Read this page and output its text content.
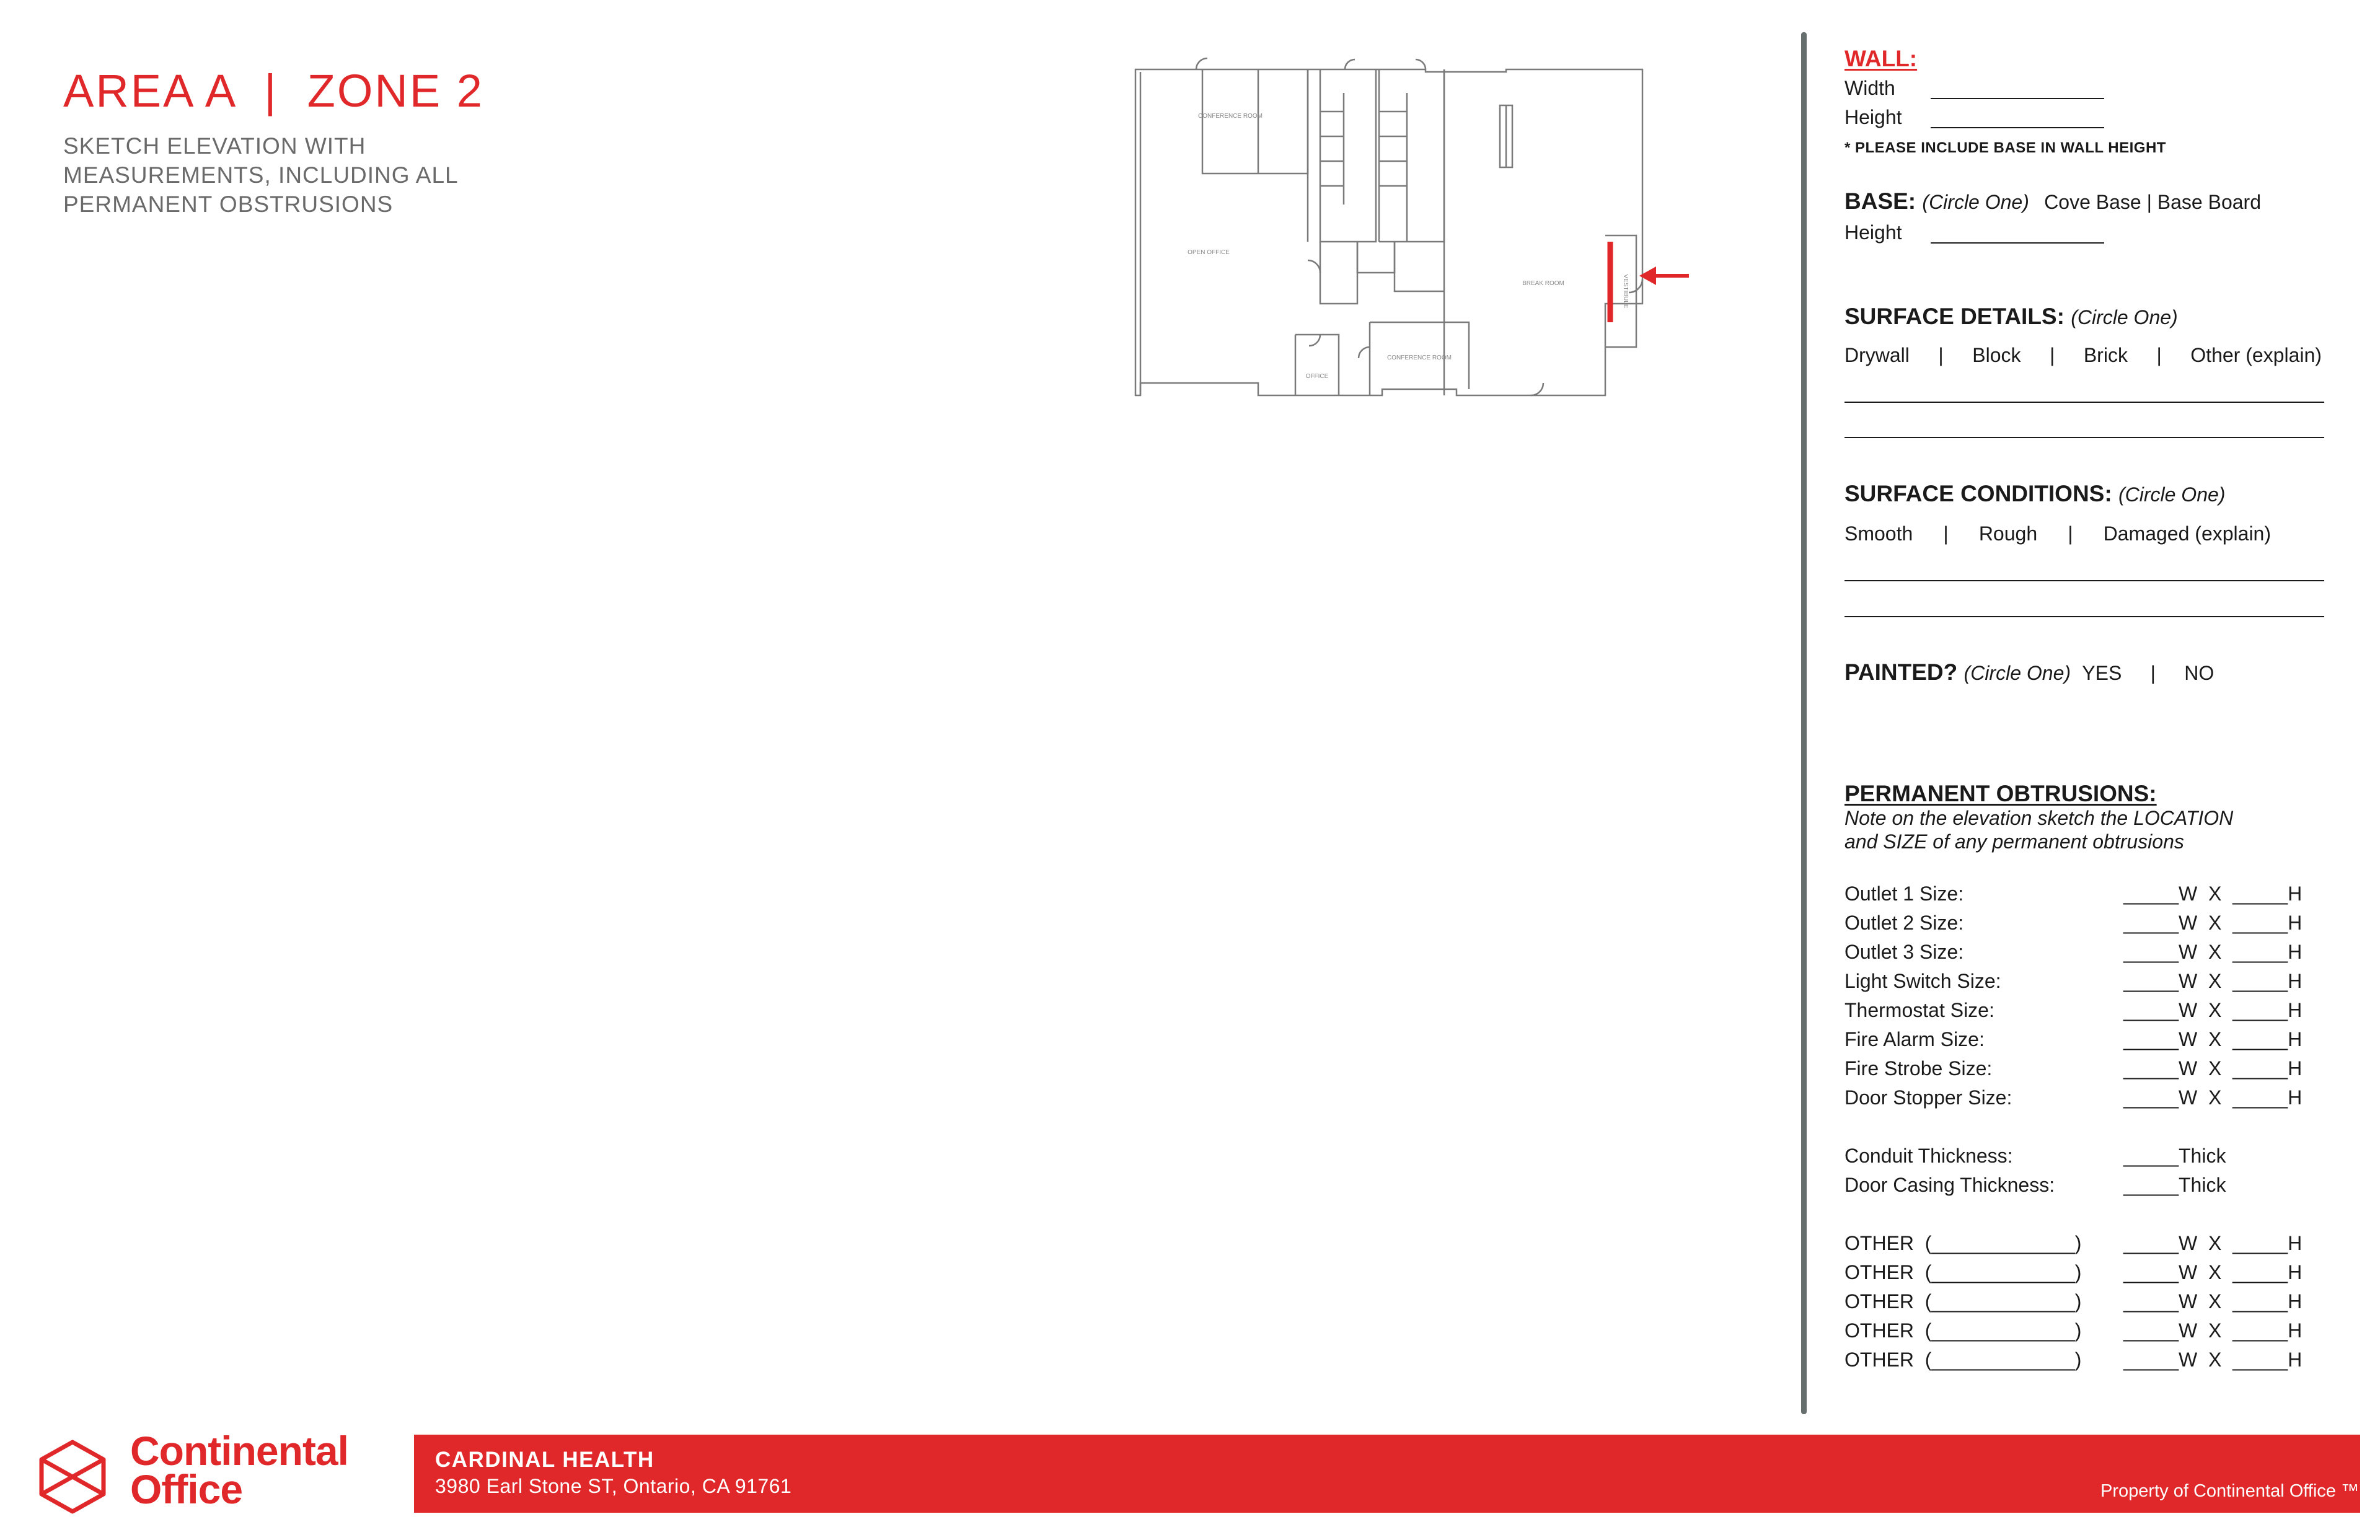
AREA A  |  ZONE 2
SKETCH ELEVATION WITH
MEASUREMENTS, INCLUDING ALL
PERMANENT OBSTRUSIONS
CONFERENCE ROOM
OPEN OFFICE
BREAK ROOM
CONFERENCE ROOM
OFFICE
VESTIBULE
WALL:
Width
Height
* PLEASE INCLUDE BASE IN WALL HEIGHT
BASE: (Circle One) Cove Base | Base Board
Height
SURFACE DETAILS: (Circle One)
Drywall | Block | Brick | Other (explain)
SURFACE CONDITIONS: (Circle One)
Smooth | Rough | Damaged (explain)
PAINTED? (Circle One) YES | NO
PERMANENT OBTRUSIONS:
Note on the elevation sketch the LOCATION
and SIZE of any permanent obtrusions
Outlet 1 Size:	_____W  X  _____H
Outlet 2 Size:	_____W  X  _____H
Outlet 3 Size:	_____W  X  _____H
Light Switch Size:	_____W  X  _____H
Thermostat Size:	_____W  X  _____H
Fire Alarm Size:	_____W  X  _____H
Fire Strobe Size:	_____W  X  _____H
Door Stopper Size:	_____W  X  _____H
Conduit Thickness:	_____Thick
Door Casing Thickness:	_____Thick
OTHER  (_____________) _____W  X  _____H
OTHER  (_____________) _____W  X  _____H
OTHER  (_____________) _____W  X  _____H
OTHER  (_____________) _____W  X  _____H
OTHER  (_____________) _____W  X  _____H
Continental
Office
CARDINAL HEALTH
3980 Earl Stone ST, Ontario, CA 91761	Property of Continental Office ™
